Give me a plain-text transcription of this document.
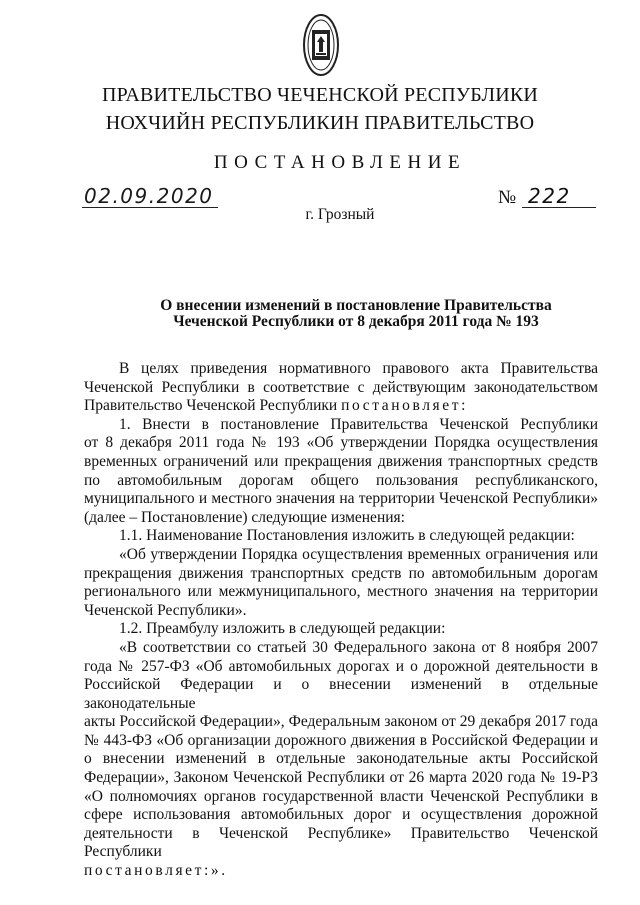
ПРАВИТЕЛЬСТВО ЧЕЧЕНСКОЙ РЕСПУБЛИКИ
НОХЧИЙН РЕСПУБЛИКИН ПРАВИТЕЛЬСТВО
ПОСТАНОВЛЕНИЕ
02.09.2020	№ 222
г. Грозный
О внесении изменений в постановление Правительства
Чеченской Республики от 8 декабря 2011 года № 193

В целях приведения нормативного правового акта Правительства

Чеченской Республики в соответствие с действующим законодательством

Правительство Чеченской Республики постановляет:

1. Внести в постановление Правительства Чеченской Республики

от 8 декабря 2011 года № 193 «Об утверждении Порядка осуществления

временных ограничений или прекращения движения транспортных средств

по автомобильным дорогам общего пользования республиканского,

муниципального и местного значения на территории Чеченской Республики»

(далее – Постановление) следующие изменения:

1.1. Наименование Постановления изложить в следующей редакции:

«Об утверждении Порядка осуществления временных ограничения или

прекращения движения транспортных средств по автомобильным дорогам

регионального или межмуниципального, местного значения на территории

Чеченской Республики».

1.2. Преамбулу изложить в следующей редакции:

«В соответствии со статьей 30 Федерального закона от 8 ноября 2007

года № 257-ФЗ «Об автомобильных дорогах и о дорожной деятельности в

Российской Федерации и о внесении изменений в отдельные законодательные

акты Российской Федерации», Федеральным законом от 29 декабря 2017 года

№ 443-ФЗ «Об организации дорожного движения в Российской Федерации и

о внесении изменений в отдельные законодательные акты Российской

Федерации», Законом Чеченской Республики от 26 марта 2020 года № 19-РЗ

«О полномочиях органов государственной власти Чеченской Республики в

сфере использования автомобильных дорог и осуществления дорожной

деятельности в Чеченской Республике» Правительство Чеченской Республики

постановляет:».
